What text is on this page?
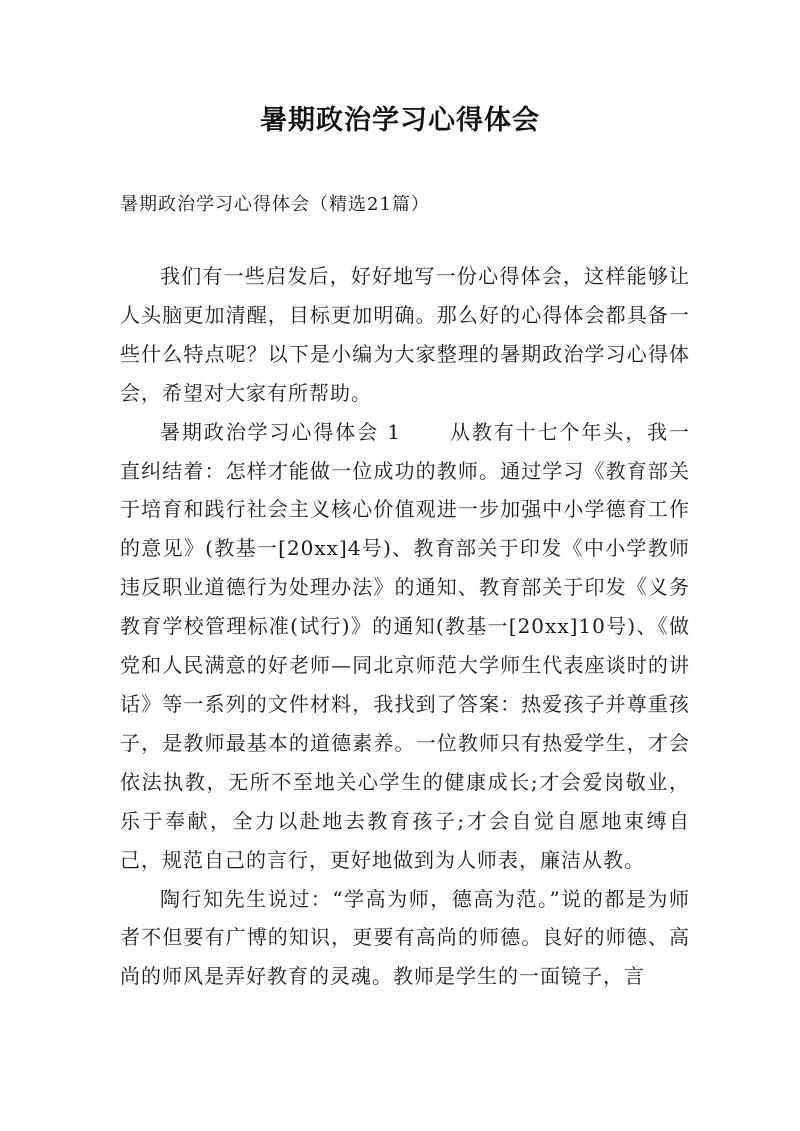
暑期政治学习心得体会
暑期政治学习心得体会（精选21篇）

我们有一些启发后，好好地写一份心得体会，这样能够让人头脑更加清醒，目标更加明确。那么好的心得体会都具备一些什么特点呢？以下是小编为大家整理的暑期政治学习心得体会，希望对大家有所帮助。

暑期政治学习心得体会 1 从教有十七个年头，我一直纠结着：怎样才能做一位成功的教师。通过学习《教育部关于培育和践行社会主义核心价值观进一步加强中小学德育工作的意见》(教基一[20xx]4号)、教育部关于印发《中小学教师违反职业道德行为处理办法》的通知、教育部关于印发《义务教育学校管理标准(试行)》的通知(教基一[20xx]10号)、《做党和人民满意的好老师—同北京师范大学师生代表座谈时的讲话》等一系列的文件材料，我找到了答案：热爱孩子并尊重孩子，是教师最基本的道德素养。一位教师只有热爱学生，才会依法执教，无所不至地关心学生的健康成长;才会爱岗敬业，乐于奉献，全力以赴地去教育孩子;才会自觉自愿地束缚自己，规范自己的言行，更好地做到为人师表，廉洁从教。

陶行知先生说过：“学高为师，德高为范。”说的都是为师者不但要有广博的知识，更要有高尚的师德。良好的师德、高尚的师风是弄好教育的灵魂。教师是学生的一面镜子，言
